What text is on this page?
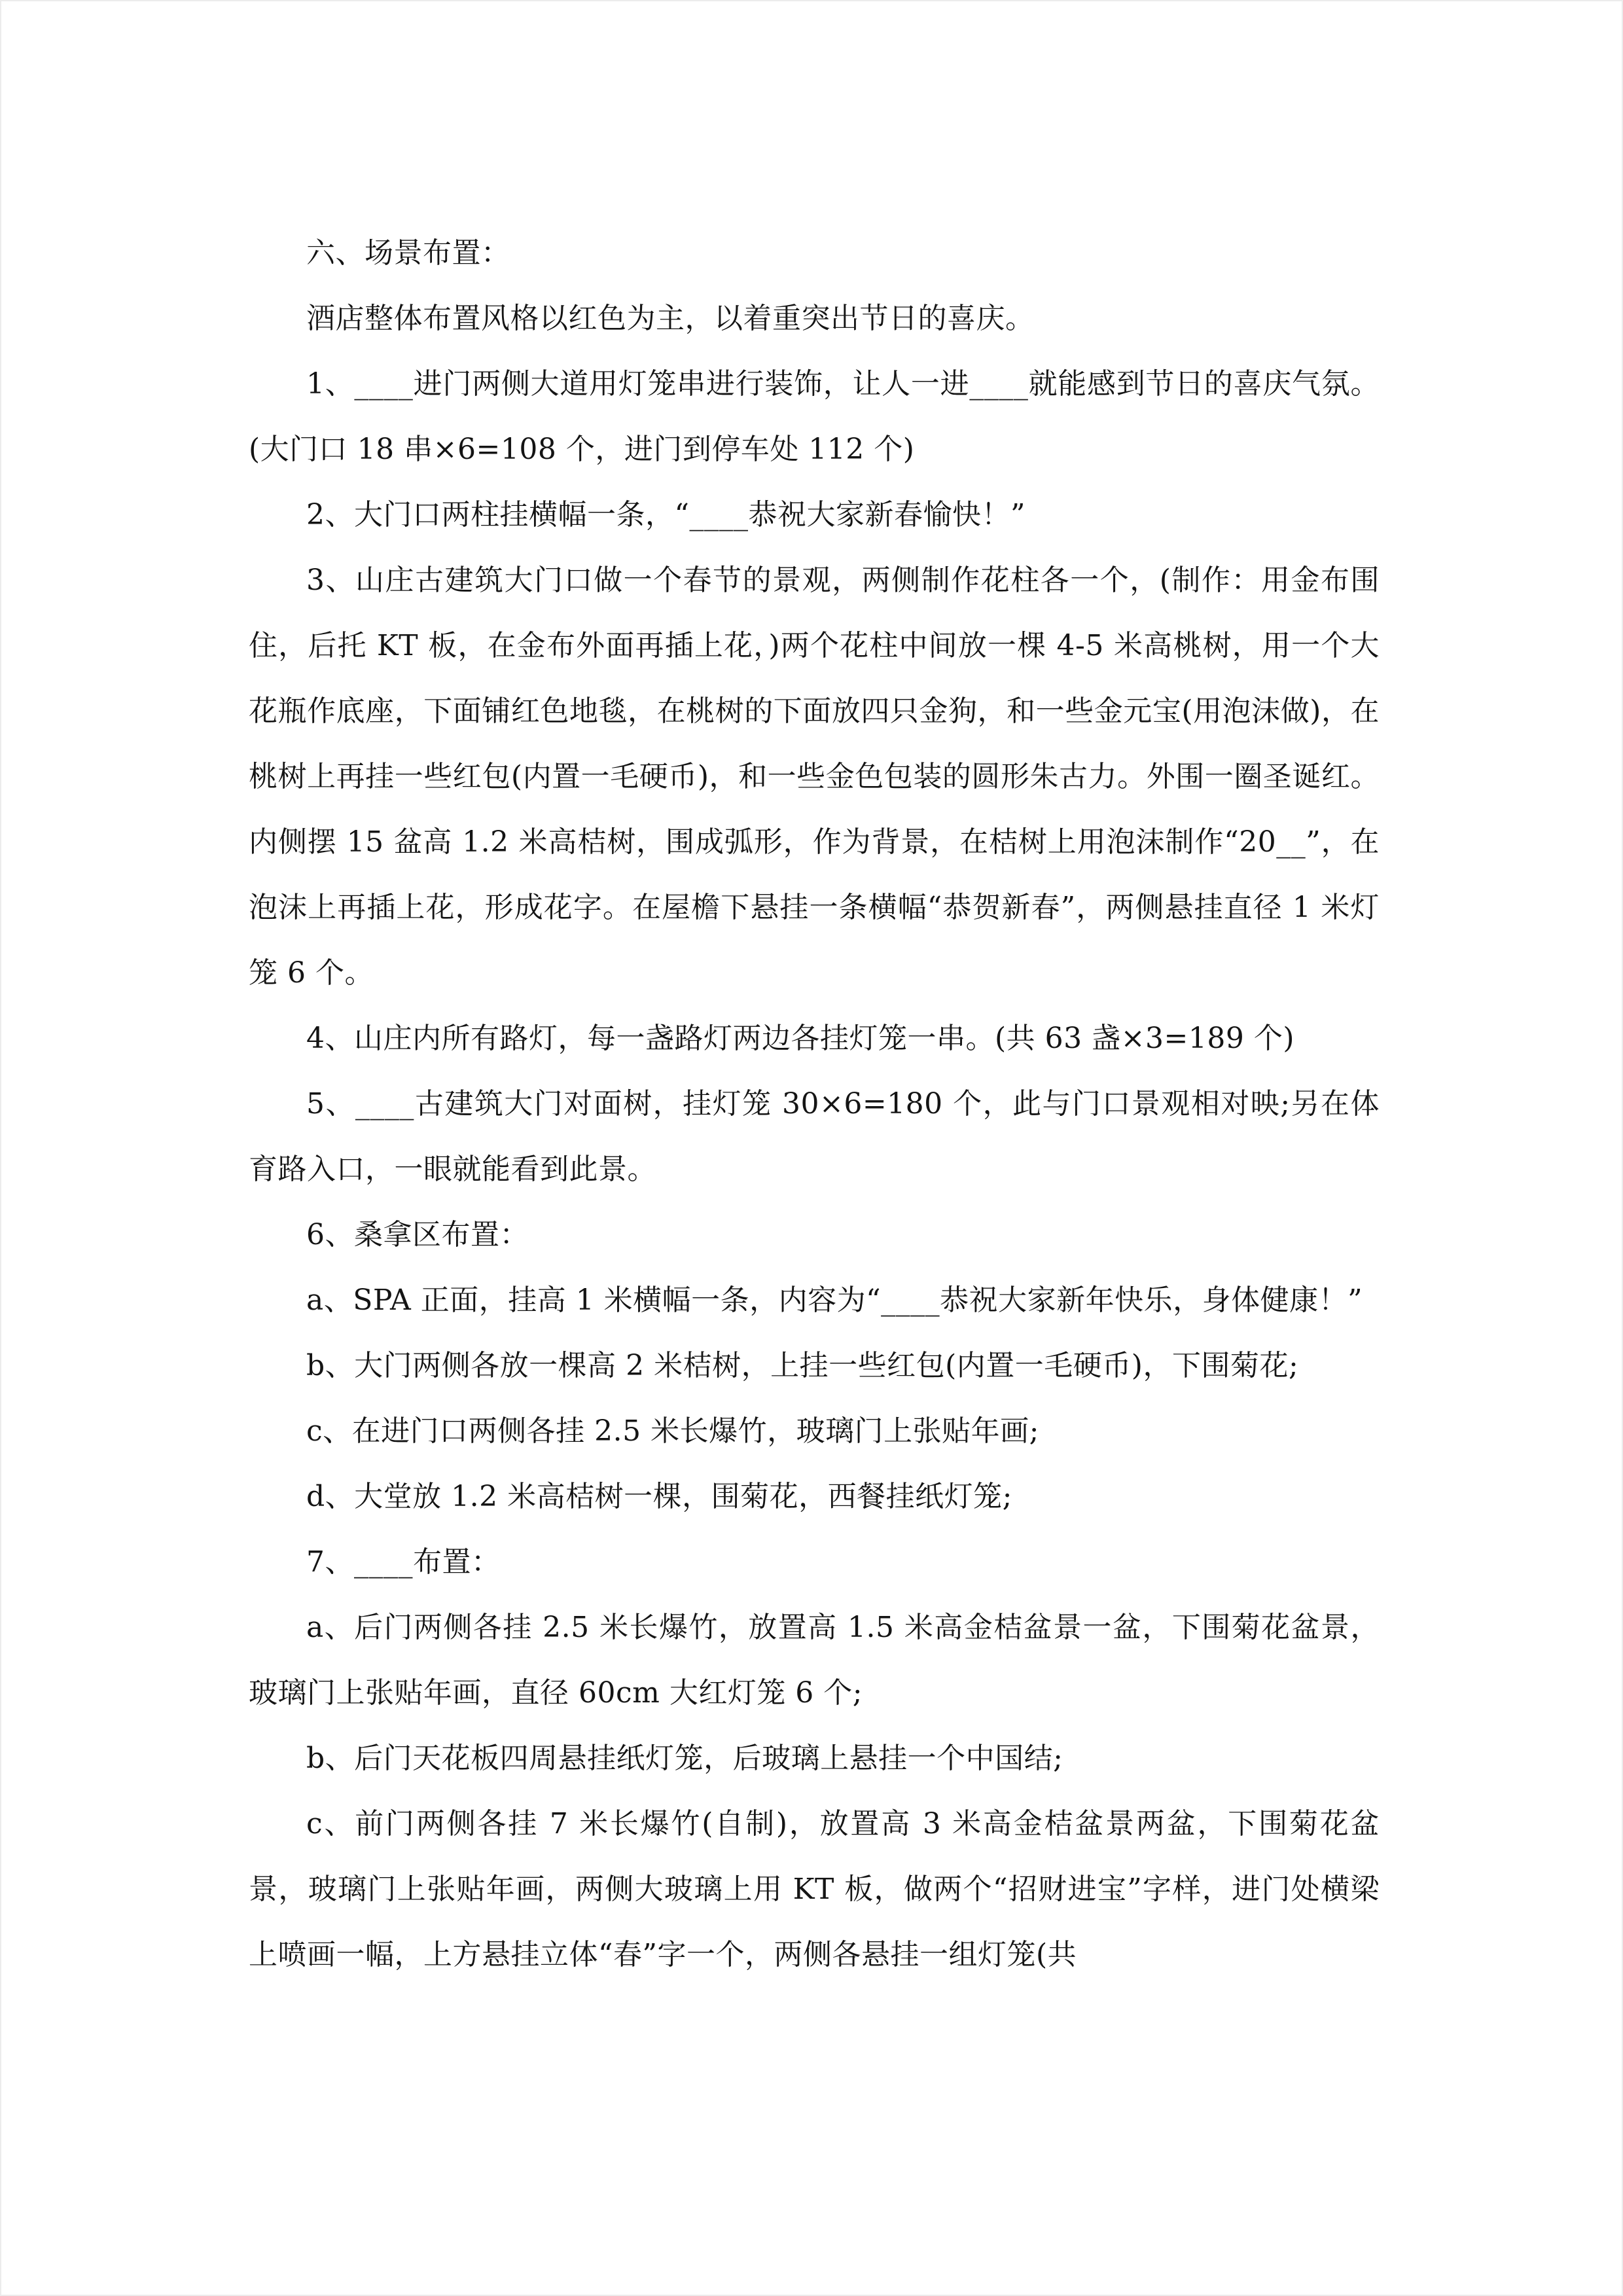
六、场景布置：

酒店整体布置风格以红色为主，以着重突出节日的喜庆。

1、____进门两侧大道用灯笼串进行装饰，让人一进____就能感到节日的喜庆气氛。(大门口 18 串×6=108 个，进门到停车处 112 个)

2、大门口两柱挂横幅一条，“____恭祝大家新春愉快！”

3、山庄古建筑大门口做一个春节的景观，两侧制作花柱各一个，(制作：用金布围住，后托 KT 板，在金布外面再插上花，)两个花柱中间放一棵 4-5 米高桃树，用一个大花瓶作底座，下面铺红色地毯，在桃树的下面放四只金狗，和一些金元宝(用泡沫做)，在桃树上再挂一些红包(内置一毛硬币)，和一些金色包装的圆形朱古力。外围一圈圣诞红。内侧摆 15 盆高 1.2 米高桔树，围成弧形，作为背景，在桔树上用泡沫制作“20__”，在泡沫上再插上花，形成花字。在屋檐下悬挂一条横幅“恭贺新春”，两侧悬挂直径 1 米灯笼 6 个。

4、山庄内所有路灯，每一盏路灯两边各挂灯笼一串。(共 63 盏×3=189 个)

5、____古建筑大门对面树，挂灯笼 30×6=180 个，此与门口景观相对映;另在体育路入口，一眼就能看到此景。

6、桑拿区布置：

a、SPA 正面，挂高 1 米横幅一条，内容为“____恭祝大家新年快乐，身体健康！”

b、大门两侧各放一棵高 2 米桔树，上挂一些红包(内置一毛硬币)，下围菊花;

c、在进门口两侧各挂 2.5 米长爆竹，玻璃门上张贴年画;

d、大堂放 1.2 米高桔树一棵，围菊花，西餐挂纸灯笼;

7、____布置：

a、后门两侧各挂 2.5 米长爆竹，放置高 1.5 米高金桔盆景一盆，下围菊花盆景，玻璃门上张贴年画，直径 60cm 大红灯笼 6 个;

b、后门天花板四周悬挂纸灯笼，后玻璃上悬挂一个中国结;

c、前门两侧各挂 7 米长爆竹(自制)，放置高 3 米高金桔盆景两盆，下围菊花盆景，玻璃门上张贴年画，两侧大玻璃上用 KT 板，做两个“招财进宝”字样，进门处横梁上喷画一幅，上方悬挂立体“春”字一个，两侧各悬挂一组灯笼(共
